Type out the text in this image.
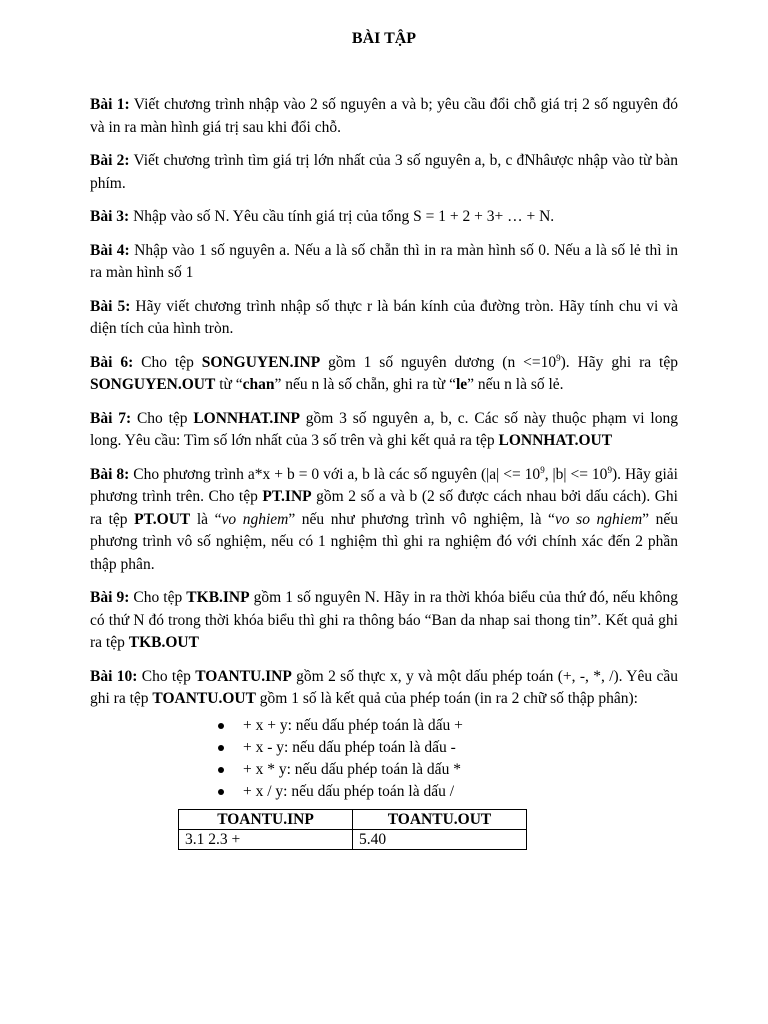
BÀI TẬP

Bài 1: Viết chương trình nhập vào 2 số nguyên a và b; yêu cầu đổi chỗ giá trị 2 số nguyên đó và in ra màn hình giá trị sau khi đổi chỗ.

Bài 2: Viết chương trình tìm giá trị lớn nhất của 3 số nguyên a, b, c đNhâược nhập vào từ bàn phím.

Bài 3: Nhập vào số N. Yêu cầu tính giá trị của tổng S = 1 + 2 + 3+ … + N.

Bài 4: Nhập vào 1 số nguyên a. Nếu a là số chẵn thì in ra màn hình số 0. Nếu a là số lẻ thì in ra màn hình số 1

Bài 5: Hãy viết chương trình nhập số thực r là bán kính của đường tròn. Hãy tính chu vi và diện tích của hình tròn.

Bài 6: Cho tệp SONGUYEN.INP gồm 1 số nguyên dương $(n <=10^9)$. Hãy ghi ra tệp SONGUYEN.OUT từ “chan” nếu n là số chẵn, ghi ra từ “le” nếu n là số lẻ.

Bài 7: Cho tệp LONNHAT.INP gồm 3 số nguyên a, b, c. Các số này thuộc phạm vi long long. Yêu cầu: Tìm số lớn nhất của 3 số trên và ghi kết quả ra tệp LONNHAT.OUT

Bài 8: Cho phương trình a*x + b = 0 với a, b là các số nguyên ($|a| <= 10^9$, $|b| <= 10^9$). Hãy giải phương trình trên. Cho tệp PT.INP gồm 2 số a và b (2 số được cách nhau bởi dấu cách). Ghi ra tệp PT.OUT là “vo nghiem” nếu như phương trình vô nghiệm, là “vo so nghiem” nếu phương trình vô số nghiệm, nếu có 1 nghiệm thì ghi ra nghiệm đó với chính xác đến 2 phần thập phân.

Bài 9: Cho tệp TKB.INP gồm 1 số nguyên N. Hãy in ra thời khóa biểu của thứ đó, nếu không có thứ N đó trong thời khóa biểu thì ghi ra thông báo “Ban da nhap sai thong tin”. Kết quả ghi ra tệp TKB.OUT

Bài 10: Cho tệp TOANTU.INP gồm 2 số thực x, y và một dấu phép toán (+, -, *, /). Yêu cầu ghi ra tệp TOANTU.OUT gồm 1 số là kết quả của phép toán (in ra 2 chữ số thập phân):

+ x + y: nếu dấu phép toán là dấu +
+ x - y: nếu dấu phép toán là dấu -
+ x * y: nếu dấu phép toán là dấu *
+ x / y: nếu dấu phép toán là dấu /
TOANTU.INP	TOANTU.OUT
3.1 2.3 +	5.40
